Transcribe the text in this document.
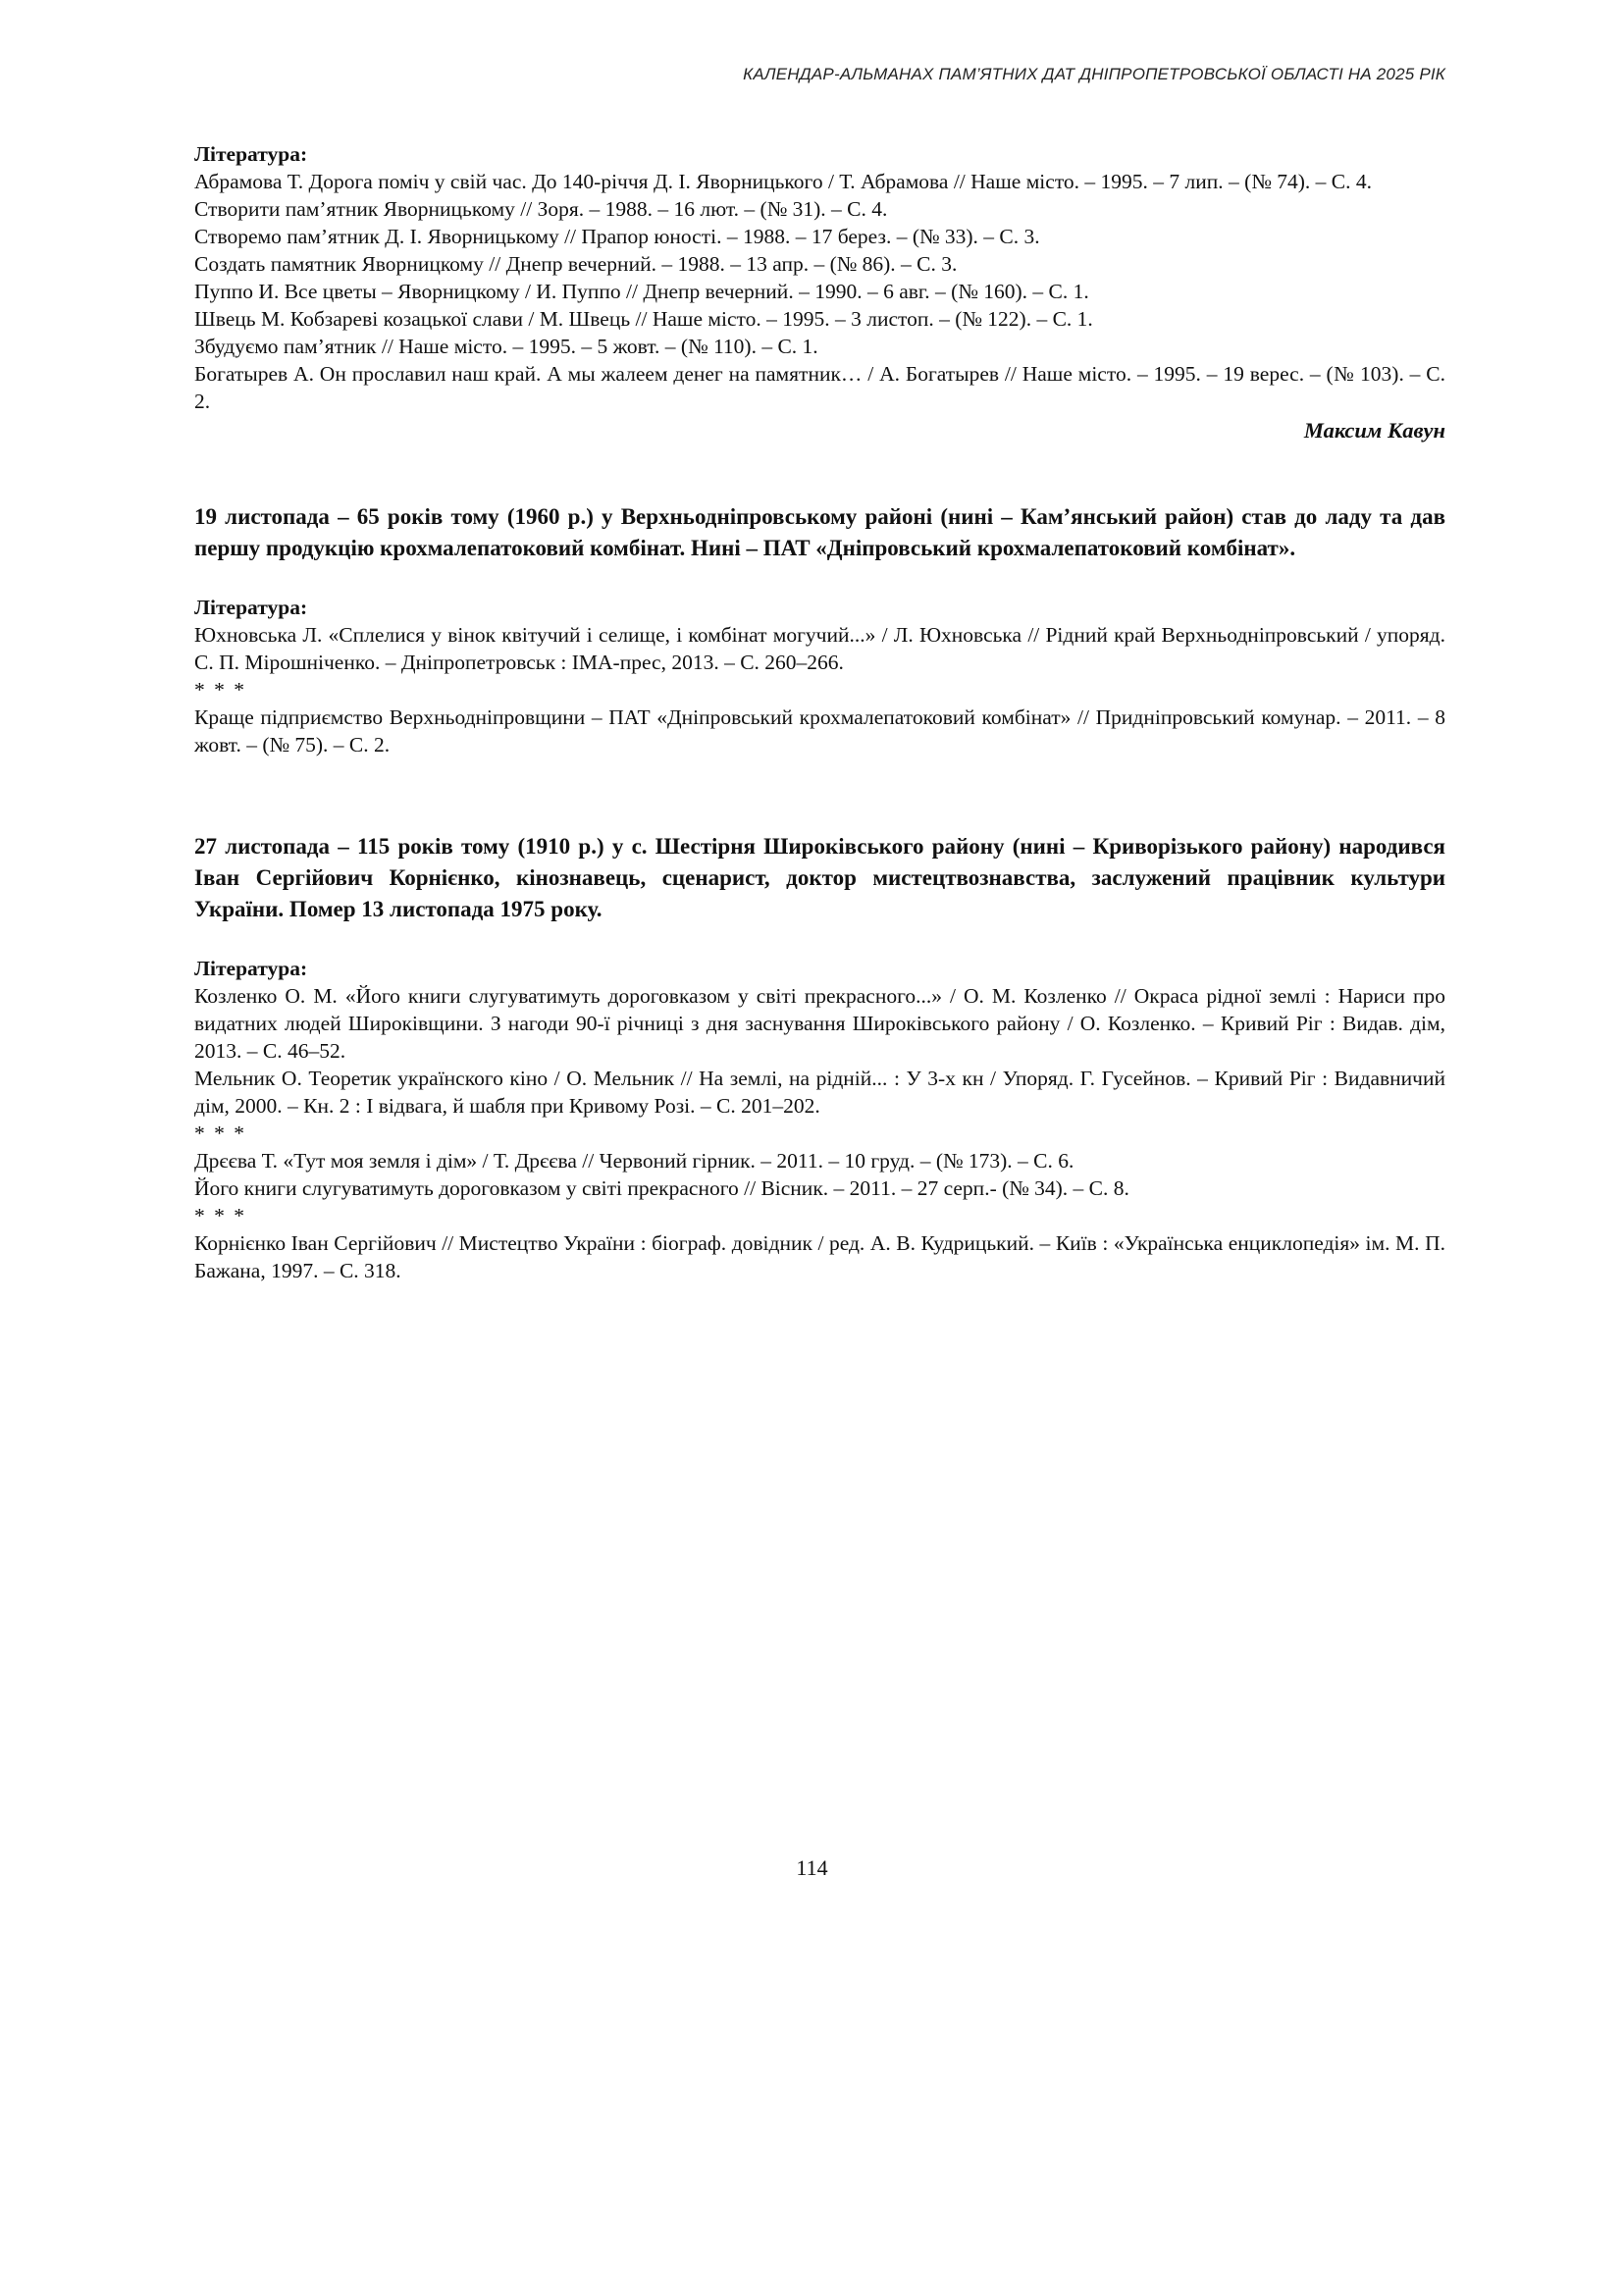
КАЛЕНДАР-АЛЬМАНАХ ПАМ’ЯТНИХ ДАТ ДНІПРОПЕТРОВСЬКОЇ ОБЛАСТІ НА 2025 РІК

Література:

Абрамова Т. Дорога поміч у свій час. До 140-річчя Д. І. Яворницького / Т. Абрамова // Наше місто. – 1995. – 7 лип. – (№ 74). – С. 4.

Створити пам’ятник Яворницькому // Зоря. – 1988. – 16 лют. – (№ 31). – С. 4.

Створемо пам’ятник Д. І. Яворницькому // Прапор юності. – 1988. – 17 берез. – (№ 33). – С. 3.

Создать памятник Яворницкому // Днепр вечерний. – 1988. – 13 апр. – (№ 86). – С. 3.

Пуппо И. Все цветы – Яворницкому / И. Пуппо // Днепр вечерний. – 1990. – 6 авг. – (№ 160). – С. 1.

Швець М. Кобзареві козацької слави / М. Швець // Наше місто. – 1995. – 3 листоп. – (№ 122). – С. 1.

Збудуємо пам’ятник // Наше місто. – 1995. – 5 жовт. – (№ 110). – С. 1.

Богатырев А. Он прославил наш край. А мы жалеем денег на памятник… / А. Богатырев // Наше місто. – 1995. – 19 верес. – (№ 103). – С. 2.

Максим Кавун

19 листопада – 65 років тому (1960 р.) у Верхньодніпровському районі (нині – Кам’янський район) став до ладу та дав першу продукцію крохмалепатоковий комбінат. Нині – ПАТ «Дніпровський крохмалепатоковий комбінат».

Література:

Юхновська Л. «Сплелися у вінок квітучий і селище, і комбінат могучий...» / Л. Юхновська // Рідний край Верхньодніпровський / упоряд. С. П. Мірошніченко. – Дніпропетровськ : ІМА-прес, 2013. – С. 260–266.

* * *

Краще підприємство Верхньодніпровщини – ПАТ «Дніпровський крохмалепатоковий комбінат» // Придніпровський комунар. – 2011. – 8 жовт. – (№ 75). – С. 2.

27 листопада – 115 років тому (1910 р.) у с. Шестірня Широківського району (нині – Криворізького району) народився Іван Сергійович Корнієнко, кінознавець, сценарист, доктор мистецтвознавства, заслужений працівник культури України. Помер 13 листопада 1975 року.

Література:

Козленко О. М. «Його книги слугуватимуть дороговказом у світі прекрасного...» / О. М. Козленко // Окраса рідної землі : Нариси про видатних людей Широківщини. З нагоди 90-ї річниці з дня заснування Широківського району / О. Козленко. – Кривий Ріг : Видав. дім, 2013. – С. 46–52.

Мельник О. Теоретик українского кіно / О. Мельник // На землі, на рідній... : У 3-х кн / Упоряд. Г. Гусейнов. – Кривий Ріг : Видавничий дім, 2000. – Кн. 2 : І відвага, й шабля при Кривому Розі. – С. 201–202.

* * *

Дрєєва Т. «Тут моя земля і дім» / Т. Дрєєва // Червоний гірник. – 2011. – 10 груд. – (№ 173). – С. 6.

Його книги слугуватимуть дороговказом у світі прекрасного // Вісник. – 2011. – 27 серп.- (№ 34). – С. 8.

* * *

Корнієнко Іван Сергійович // Мистецтво України : біограф. довідник / ред. А. В. Кудрицький. – Київ : «Українська енциклопедія» ім. М. П. Бажана, 1997. – С. 318.

114
